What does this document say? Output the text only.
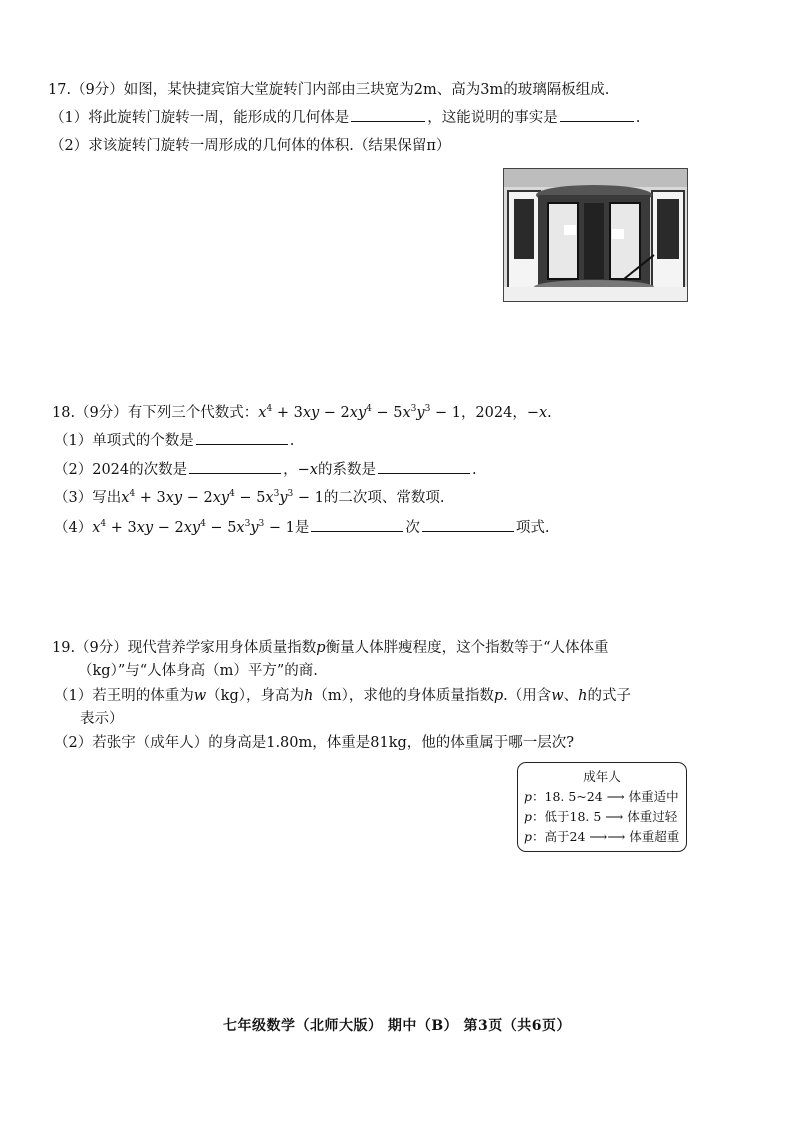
17.（9分）如图，某快捷宾馆大堂旋转门内部由三块宽为2m、高为3m的玻璃隔板组成.
（1）将此旋转门旋转一周，能形成的几何体是	，这能说明的事实是	.
（2）求该旋转门旋转一周形成的几何体的体积.（结果保留π）
18.（9分）有下列三个代数式：$x^4 + 3xy - 2xy^4 - 5x^3y^3 - 1$，2024，−x.
（1）单项式的个数是	.
（2）2024的次数是	，−x的系数是	.
（3）写出$x^4 + 3xy - 2xy^4 - 5x^3y^3 - 1$的二次项、常数项.
$(4)x^4 + 3xy - 2xy^4 - 5x^3y^3 - 1$是	次	项式.
19.（9分）现代营养学家用身体质量指数p衡量人体胖瘦程度，这个指数等于“人体体重
（kg）”与“人体身高（m）平方”的商.
（1）若王明的体重为w（kg），身高为h（m），求他的身体质量指数p.（用含w、h的式子
表示）
（2）若张宇（成年人）的身高是1.80m，体重是81kg，他的体重属于哪一层次?
成年人
p：18. 5~24 ⟶ 体重适中
p：低于18. 5 ⟶ 体重过轻
p：高于24 ⟶⟶ 体重超重
七年级数学（北师大版） 期中（B） 第3页（共6页）
